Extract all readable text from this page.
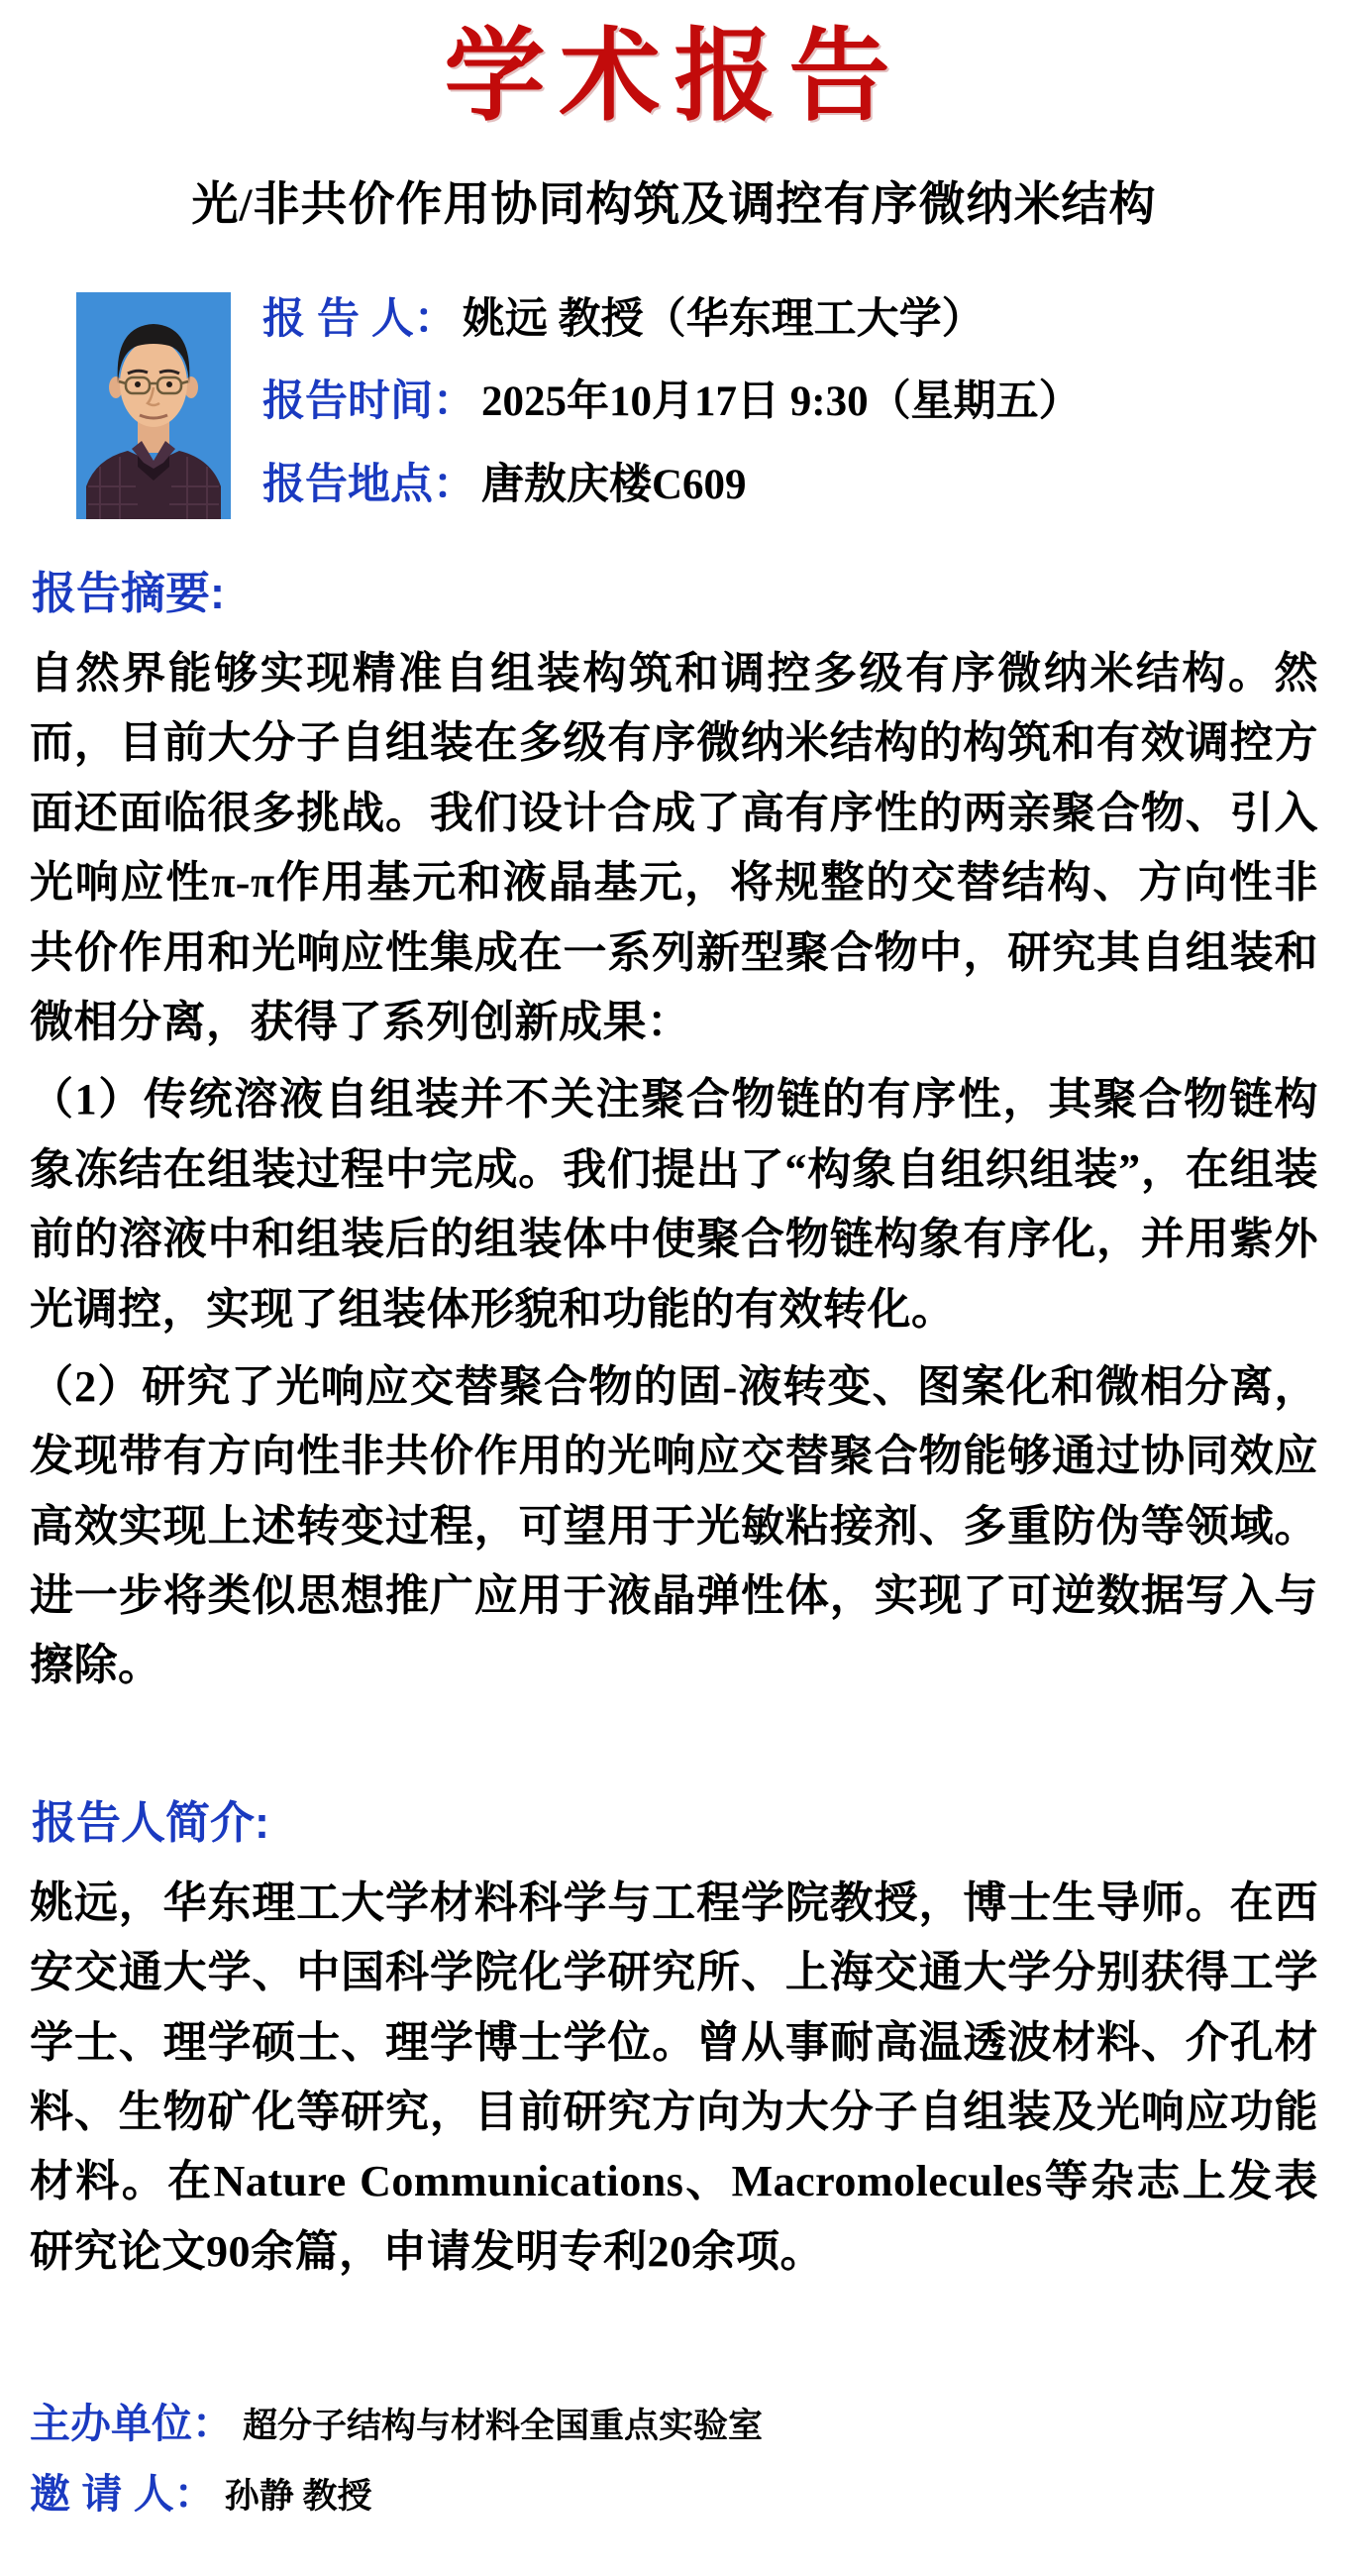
学术报告
光/非共价作用协同构筑及调控有序微纳米结构
报 告 人： 姚远 教授（华东理工大学）
报告时间： 2025年10月17日 9:30（星期五）
报告地点： 唐敖庆楼C609
报告摘要:

自然界能够实现精准自组装构筑和调控多级有序微纳米结构。然而，目前大分子自组装在多级有序微纳米结构的构筑和有效调控方面还面临很多挑战。我们设计合成了高有序性的两亲聚合物、引入光响应性π-π作用基元和液晶基元，将规整的交替结构、方向性非共价作用和光响应性集成在一系列新型聚合物中，研究其自组装和微相分离，获得了系列创新成果：

（1）传统溶液自组装并不关注聚合物链的有序性，其聚合物链构象冻结在组装过程中完成。我们提出了“构象自组织组装”，在组装前的溶液中和组装后的组装体中使聚合物链构象有序化，并用紫外光调控，实现了组装体形貌和功能的有效转化。

（2）研究了光响应交替聚合物的固-液转变、图案化和微相分离，发现带有方向性非共价作用的光响应交替聚合物能够通过协同效应高效实现上述转变过程，可望用于光敏粘接剂、多重防伪等领域。进一步将类似思想推广应用于液晶弹性体，实现了可逆数据写入与擦除。

报告人简介:

姚远，华东理工大学材料科学与工程学院教授，博士生导师。在西安交通大学、中国科学院化学研究所、上海交通大学分别获得工学学士、理学硕士、理学博士学位。曾从事耐高温透波材料、介孔材料、生物矿化等研究，目前研究方向为大分子自组装及光响应功能材料。在Nature Communications、Macromolecules等杂志上发表研究论文90余篇，申请发明专利20余项。

主办单位： 超分子结构与材料全国重点实验室
邀 请 人： 孙静 教授
